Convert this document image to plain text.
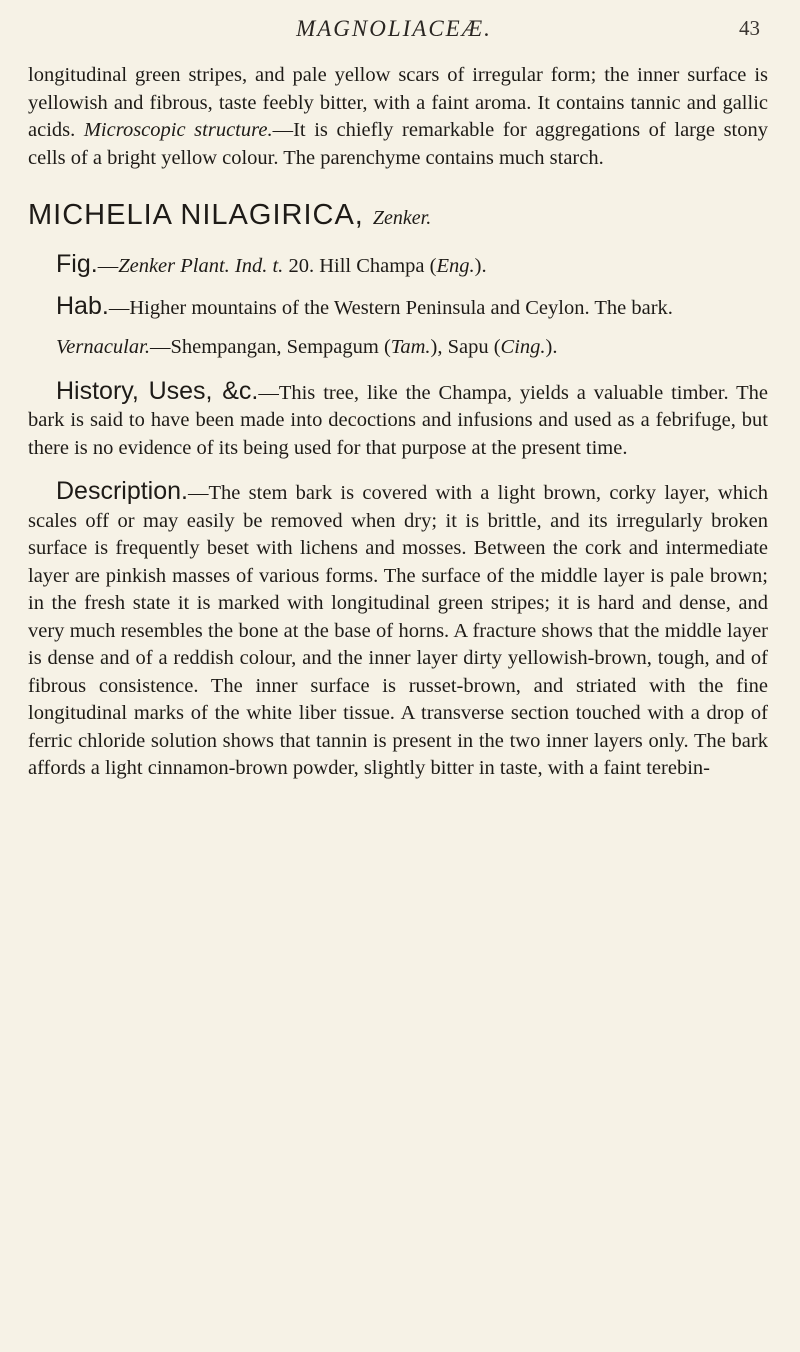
MAGNOLIACEÆ.	43

longitudinal green stripes, and pale yellow scars of irregular form; the inner surface is yellowish and fibrous, taste feebly bitter, with a faint aroma. It contains tannic and gallic acids. Microscopic structure.—It is chiefly remarkable for aggregations of large stony cells of a bright yellow colour. The parenchyme contains much starch.

MICHELIA NILAGIRICA, Zenker.

Fig.—Zenker Plant. Ind. t. 20. Hill Champa (Eng.).

Hab.—Higher mountains of the Western Peninsula and Ceylon. The bark.

Vernacular.—Shempangan, Sempagum (Tam.), Sapu (Cing.).

History, Uses, &c.—This tree, like the Champa, yields a valuable timber. The bark is said to have been made into decoctions and infusions and used as a febrifuge, but there is no evidence of its being used for that purpose at the present time.

Description.—The stem bark is covered with a light brown, corky layer, which scales off or may easily be removed when dry; it is brittle, and its irregularly broken surface is frequently beset with lichens and mosses. Between the cork and intermediate layer are pinkish masses of various forms. The surface of the middle layer is pale brown; in the fresh state it is marked with longitudinal green stripes; it is hard and dense, and very much resembles the bone at the base of horns. A fracture shows that the middle layer is dense and of a reddish colour, and the inner layer dirty yellowish-brown, tough, and of fibrous consistence. The inner surface is russet-brown, and striated with the fine longitudinal marks of the white liber tissue. A transverse section touched with a drop of ferric chloride solution shows that tannin is present in the two inner layers only. The bark affords a light cinnamon-brown powder, slightly bitter in taste, with a faint terebin-
